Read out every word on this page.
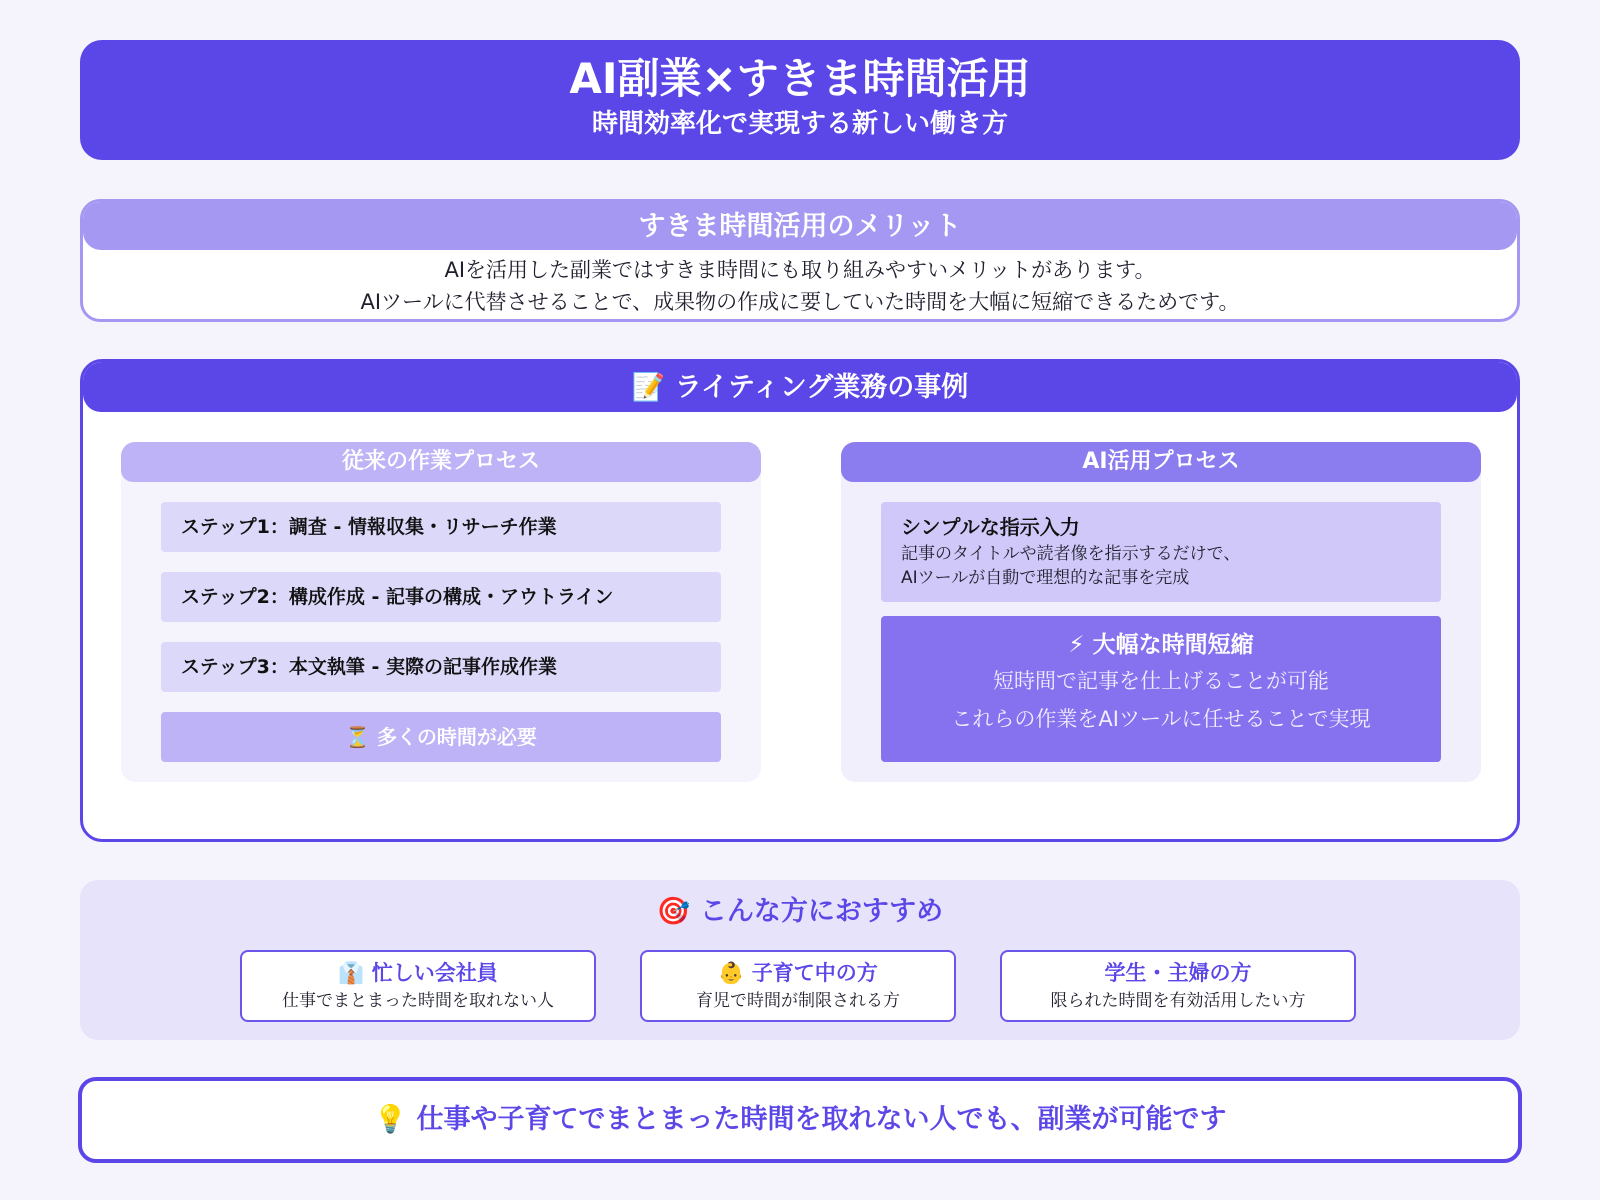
AI副業×すきま時間活用
時間効率化で実現する新しい働き方
すきま時間活用のメリット
AIを活用した副業ではすきま時間にも取り組みやすいメリットがあります。
AIツールに代替させることで、成果物の作成に要していた時間を大幅に短縮できるためです。
📝 ライティング業務の事例
従来の作業プロセス
ステップ1：調査 - 情報収集・リサーチ作業
ステップ2：構成作成 - 記事の構成・アウトライン
ステップ3：本文執筆 - 実際の記事作成作業
⏳ 多くの時間が必要
AI活用プロセス
シンプルな指示入力
記事のタイトルや読者像を指示するだけで、
AIツールが自動で理想的な記事を完成
⚡ 大幅な時間短縮
短時間で記事を仕上げることが可能
これらの作業をAIツールに任せることで実現
🎯 こんな方におすすめ
👔 忙しい会社員
仕事でまとまった時間を取れない人
👶 子育て中の方
育児で時間が制限される方
学生・主婦の方
限られた時間を有効活用したい方
💡 仕事や子育てでまとまった時間を取れない人でも、副業が可能です
